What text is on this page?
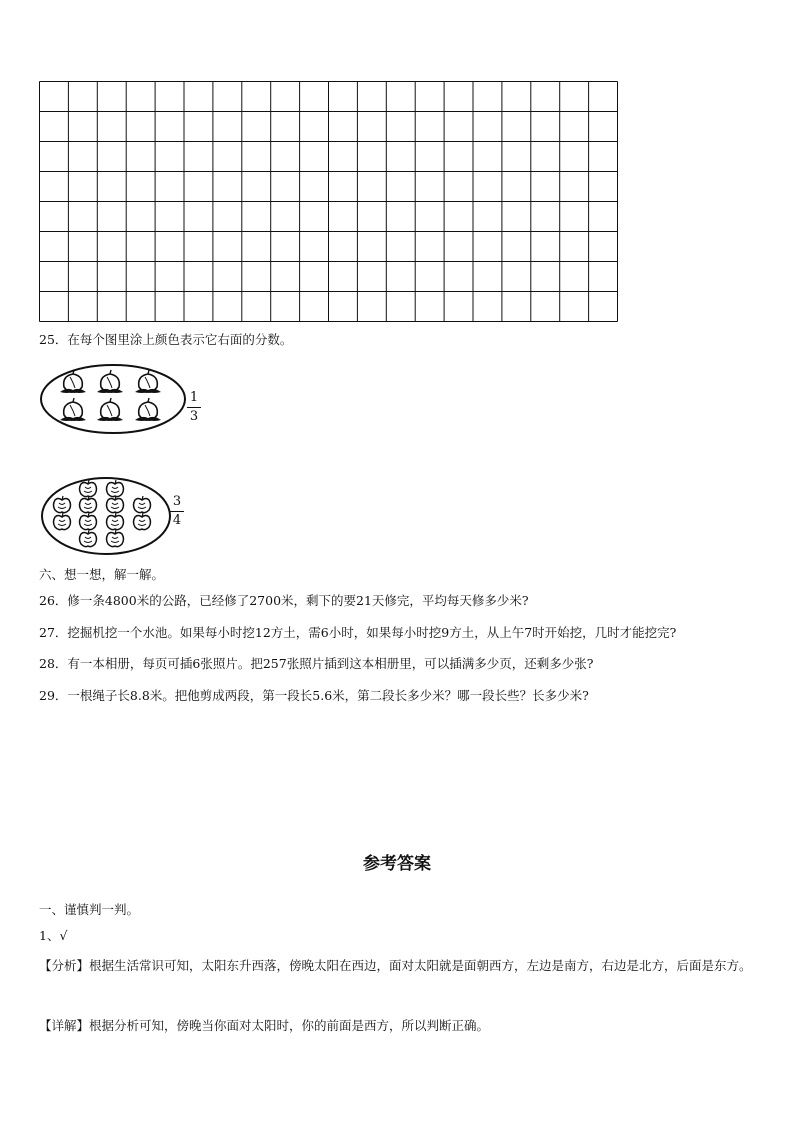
25．在每个图里涂上颜色表示它右面的分数。
1
3
3
4
六、想一想，解一解。
26．修一条4800米的公路，已经修了2700米，剩下的要21天修完，平均每天修多少米?
27．挖掘机挖一个水池。如果每小时挖12方土，需6小时，如果每小时挖9方土，从上午7时开始挖，几时才能挖完?
28．有一本相册，每页可插6张照片。把257张照片插到这本相册里，可以插满多少页，还剩多少张?
29．一根绳子长8.8米。把他剪成两段，第一段长5.6米，第二段长多少米？哪一段长些？长多少米?
参考答案
一、谨慎判一判。
1、√
【分析】根据生活常识可知，太阳东升西落，傍晚太阳在西边，面对太阳就是面朝西方，左边是南方，右边是北方，后面是东方。
【详解】根据分析可知，傍晚当你面对太阳时，你的前面是西方，所以判断正确。
